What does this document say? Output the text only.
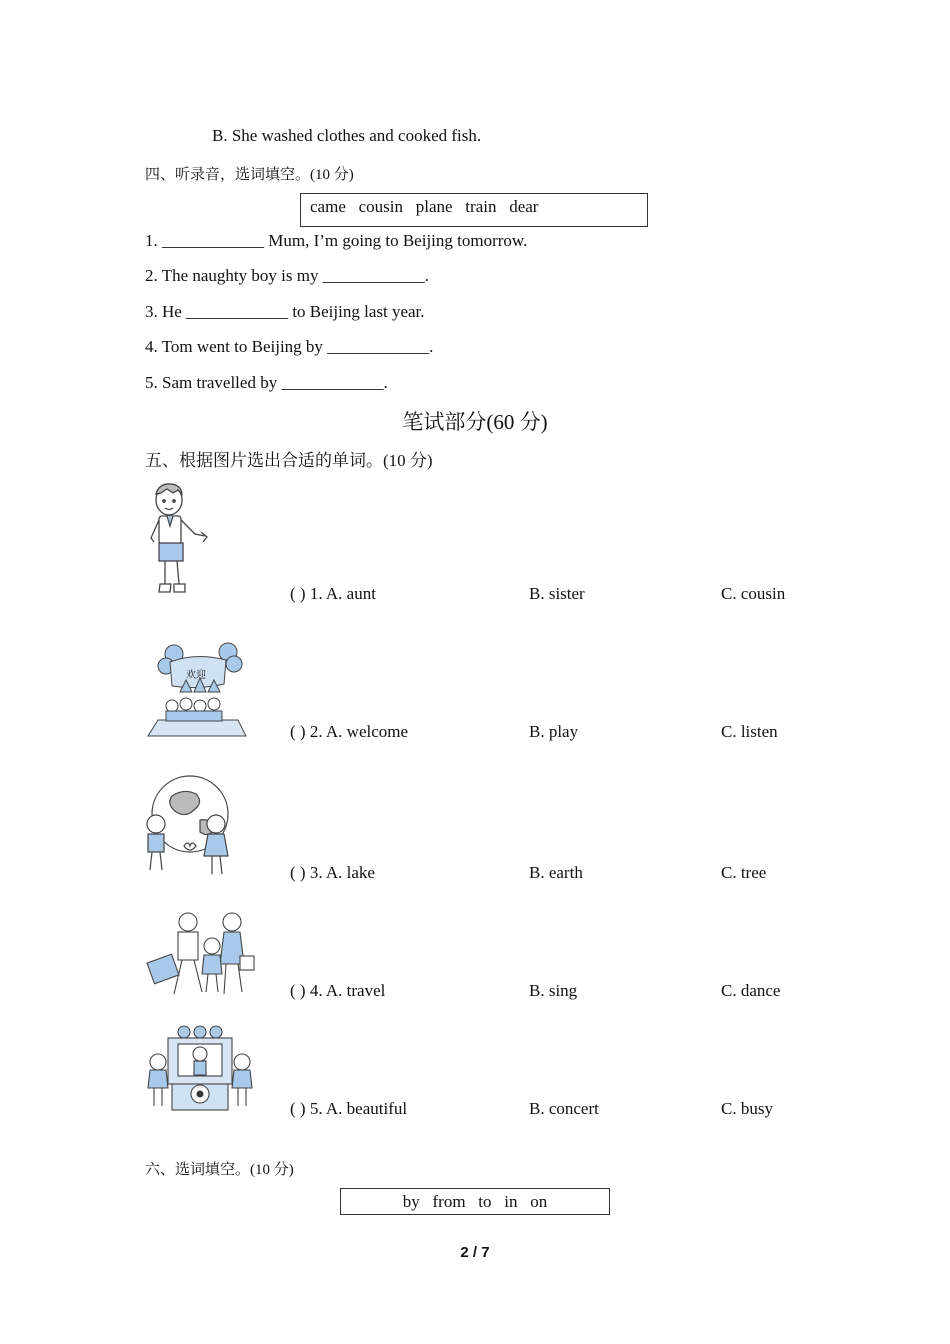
B. She washed clothes and cooked fish.
四、听录音，选词填空。(10 分)
came   cousin   plane   train   dear
1. ____________ Mum, I’m going to Beijing tomorrow.
2. The naughty boy is my ____________.
3. He ____________ to Beijing last year.
4. Tom went to Beijing by ____________.
5. Sam travelled by ____________.
笔试部分(60 分)
五、根据图片选出合适的单词。(10 分)
( ) 1. A. aunt	B. sister	C. cousin
欢迎
( ) 2. A. welcome	B. play	C. listen
( ) 3. A. lake	B. earth	C. tree
( ) 4. A. travel	B. sing	C. dance
( ) 5. A. beautiful	B. concert	C. busy
六、选词填空。(10 分)
by   from   to   in   on
2 / 7
